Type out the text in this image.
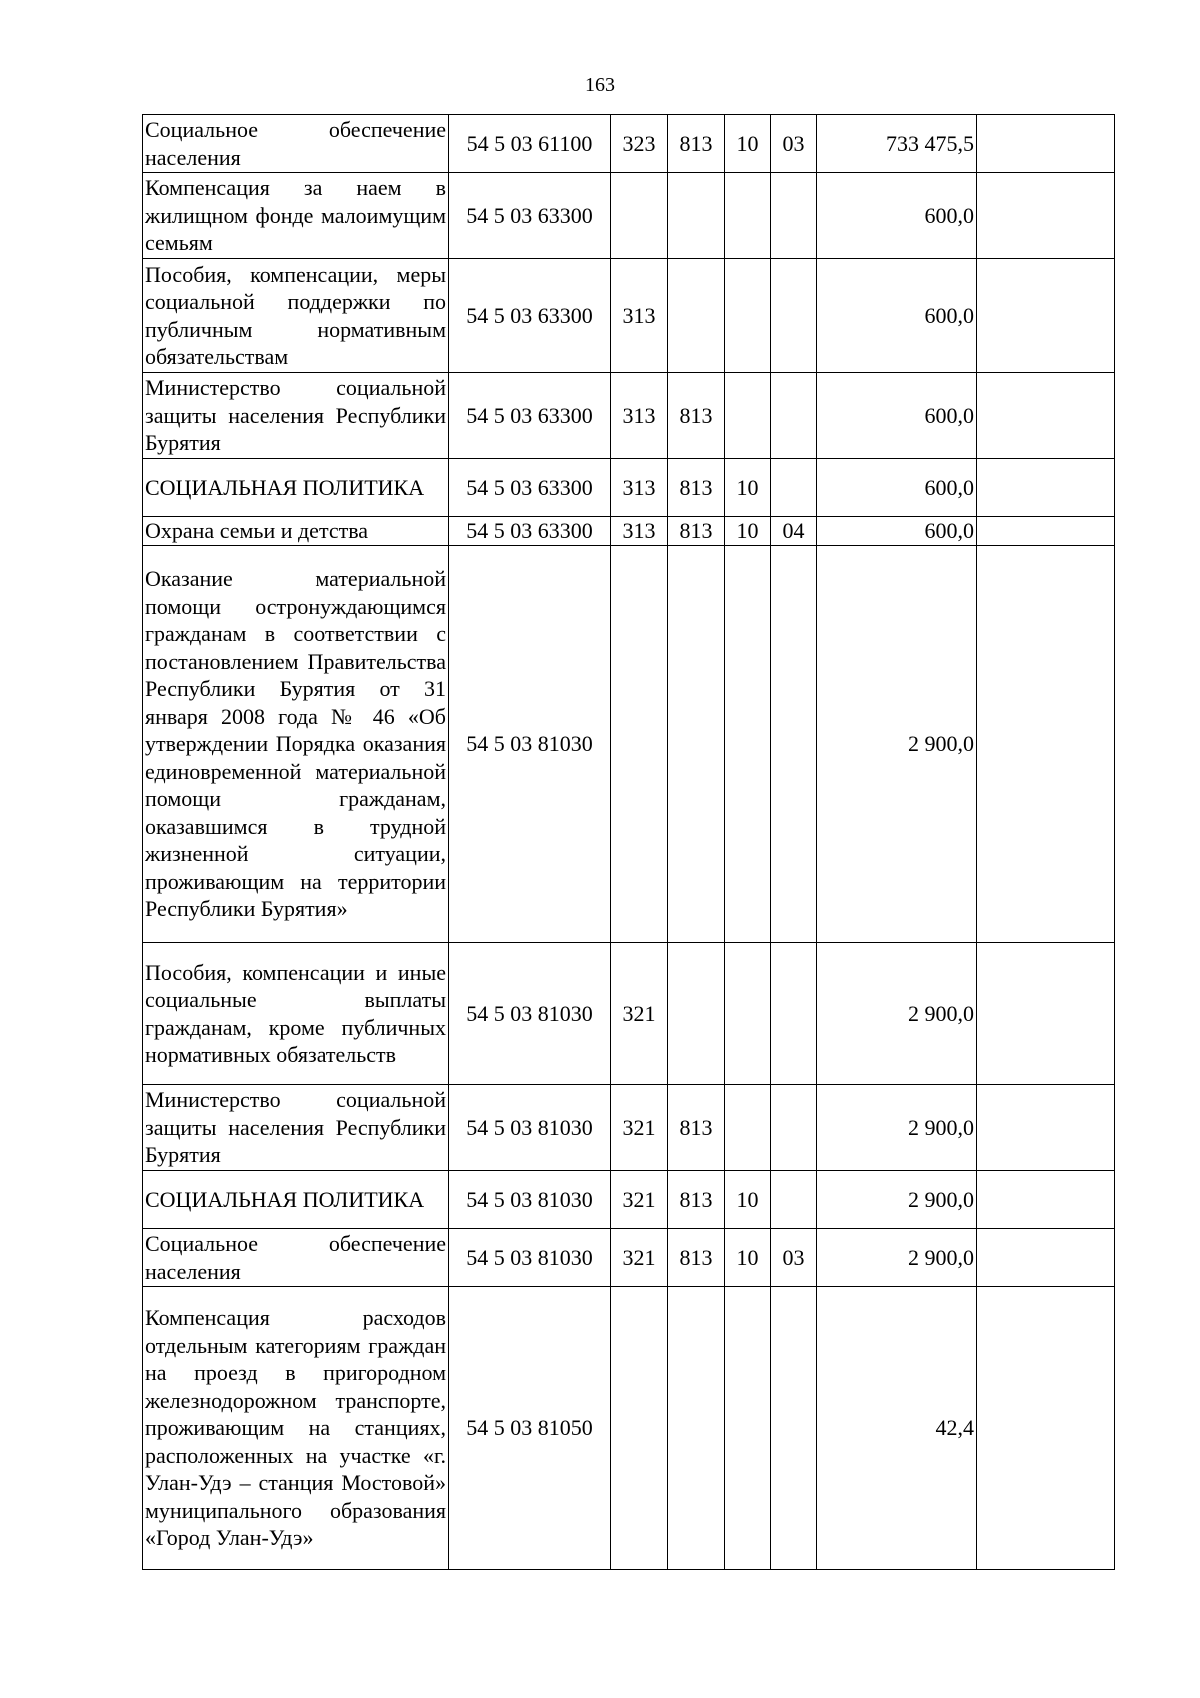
163
Социальное обеспечение населения	54 5 03 61100	323	813	10	03	733 475,5	
Компенсация за наем в жилищном фонде малоимущим семьям	54 5 03 63300					600,0	
Пособия, компенсации, меры социальной поддержки по публичным нормативным обязательствам	54 5 03 63300	313				600,0	
Министерство социальной защиты населения Республики Бурятия	54 5 03 63300	313	813			600,0	
СОЦИАЛЬНАЯ ПОЛИТИКА	54 5 03 63300	313	813	10		600,0	
Охрана семьи и детства	54 5 03 63300	313	813	10	04	600,0	
Оказание материальной помощи остронуждающимся гражданам в соответствии с постановлением Правительства Республики Бурятия от 31 января 2008 года № 46 «Об утверждении Порядка оказания единовременной материальной помощи гражданам, оказавшимся в трудной жизненной ситуации, проживающим на территории Республики Бурятия»	54 5 03 81030					2 900,0	
Пособия, компенсации и иные социальные выплаты гражданам, кроме публичных нормативных обязательств	54 5 03 81030	321				2 900,0	
Министерство социальной защиты населения Республики Бурятия	54 5 03 81030	321	813			2 900,0	
СОЦИАЛЬНАЯ ПОЛИТИКА	54 5 03 81030	321	813	10		2 900,0	
Социальное обеспечение населения	54 5 03 81030	321	813	10	03	2 900,0	
Компенсация расходов отдельным категориям граждан на проезд в пригородном железнодорожном транспорте, проживающим на станциях, расположенных на участке «г. Улан-Удэ – станция Мостовой» муниципального образования «Город Улан-Удэ»	54 5 03 81050					42,4	
